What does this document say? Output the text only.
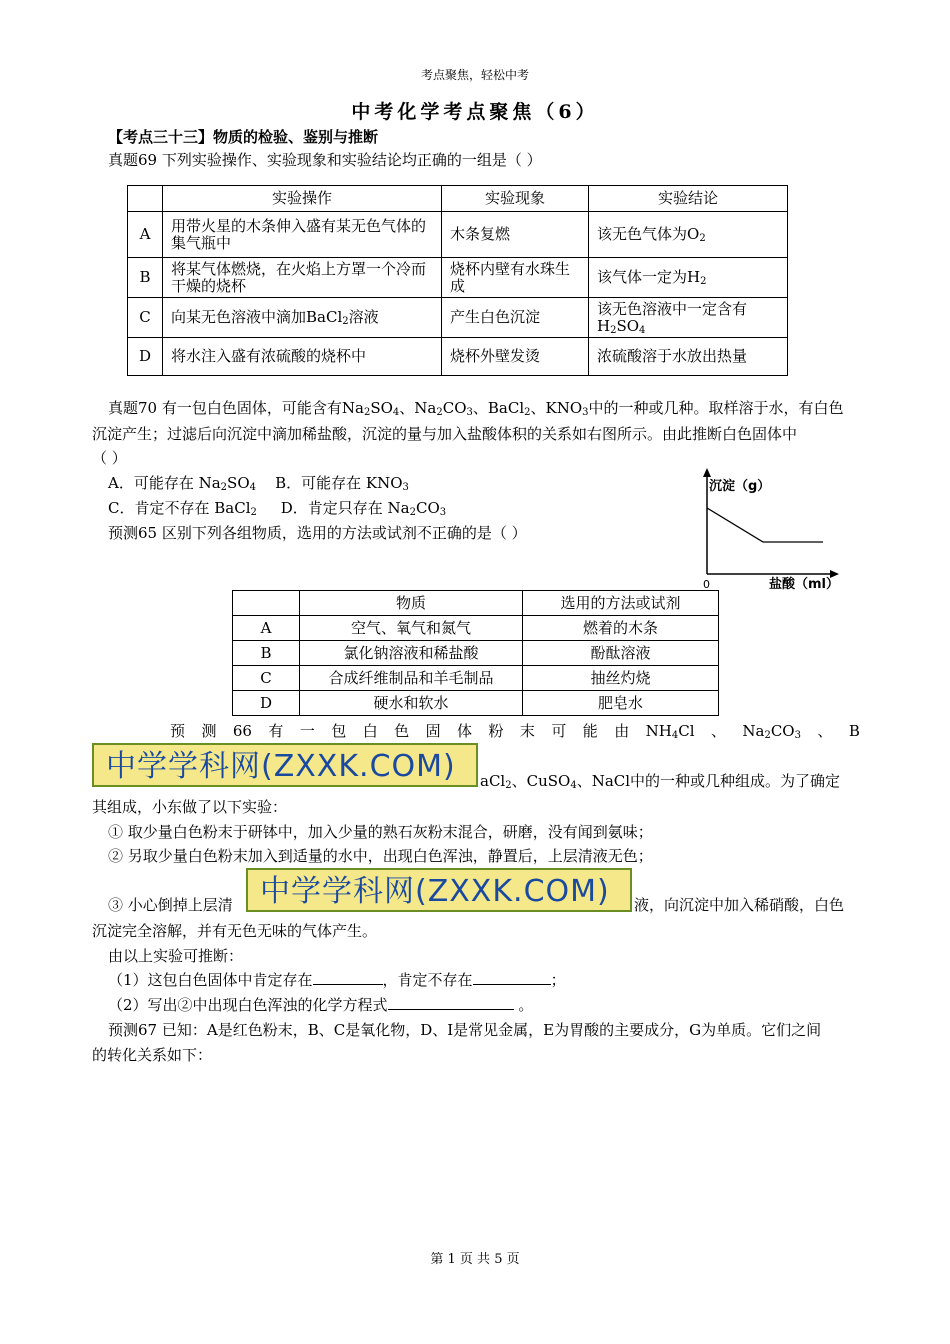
考点聚焦，轻松中考
中考化学考点聚焦（6）
【考点三十三】物质的检验、鉴别与推断
真题69 下列实验操作、实验现象和实验结论均正确的一组是（ ）
	实验操作	实验现象	实验结论
A	用带火星的木条伸入盛有某无色气体的集气瓶中	木条复燃	该无色气体为$O_2$
B	将某气体燃烧，在火焰上方罩一个冷而干燥的烧杯	烧杯内壁有水珠生成	该气体一定为$H_2$
C	向某无色溶液中滴加BaCl$_2$溶液	产生白色沉淀	该无色溶液中一定含有
$H_2SO_4$
D	将水注入盛有浓硫酸的烧杯中	烧杯外壁发烫	浓硫酸溶于水放出热量
真题70 有一包白色固体，可能含有$Na_2SO_4$、$Na_2CO_3$、BaCl$_2$、$KNO_3$中的一种或几种。取样溶于水，有白色
沉淀产生；过滤后向沉淀中滴加稀盐酸，沉淀的量与加入盐酸体积的关系如右图所示。由此推断白色固体中
（ ）
A．可能存在 $Na_2SO_4$ B．可能存在 $KNO_3$
C．肯定不存在 BaCl$_2$ D．肯定只存在 $Na_2CO_3$
沉淀（g）
0	盐酸（ml）
预测65 区别下列各组物质，选用的方法或试剂不正确的是（ ）
	物质	选用的方法或试剂
A	空气、氧气和氮气	燃着的木条
B	氯化钠溶液和稀盐酸	酚酞溶液
C	合成纤维制品和羊毛制品	抽丝灼烧
D	硬水和软水	肥皂水
预 测 66 有 一 包 白 色 固 体 粉 末 可 能 由 $NH_4Cl$ 、 $Na_2CO_3$ 、 B
中学学科网(ZXXK.COM)	aCl$_2$、CuSO$_4$、NaCl中的一种或几种组成。为了确定
其组成，小东做了以下实验：
① 取少量白色粉末于研钵中，加入少量的熟石灰粉末混合，研磨，没有闻到氨味；
② 另取少量白色粉末加入到适量的水中，出现白色浑浊，静置后，上层清液无色；
③ 小心倒掉上层清 中学学科网(ZXXK.COM)	液，向沉淀中加入稀硝酸，白色
沉淀完全溶解，并有无色无味的气体产生。
由以上实验可推断：
（1）这包白色固体中肯定存在	，肯定不存在	；
（2）写出②中出现白色浑浊的化学方程式	。
预测67 已知：A是红色粉末，B、C是氧化物，D、I是常见金属，E为胃酸的主要成分，G为单质。它们之间
的转化关系如下：
第 1 页 共 5 页
